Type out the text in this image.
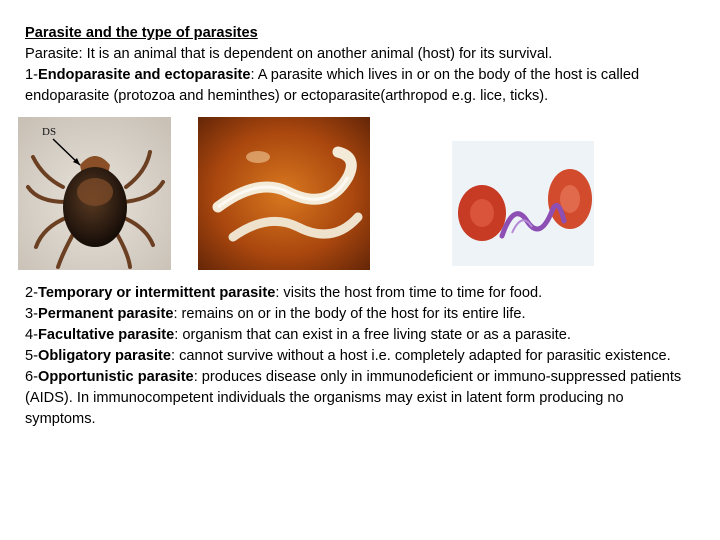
Parasite and the type of parasites
Parasite: It is an animal that is dependent on another animal (host) for its survival.
1-Endoparasite and ectoparasite: A parasite which lives in or on the body of the host is called endoparasite (protozoa and heminthes) or ectoparasite(arthropod e.g. lice, ticks).
DS
2-Temporary or intermittent parasite: visits the host from time to time for food.
3-Permanent parasite: remains on or in the body of the host for its entire life.
4-Facultative parasite: organism that can exist in a free living state or as a parasite.
5-Obligatory parasite: cannot survive without a host i.e. completely adapted for parasitic existence.
6-Opportunistic parasite: produces disease only in immunodeficient or immuno-suppressed patients (AIDS). In immunocompetent individuals the organisms may exist in latent form producing no symptoms.
